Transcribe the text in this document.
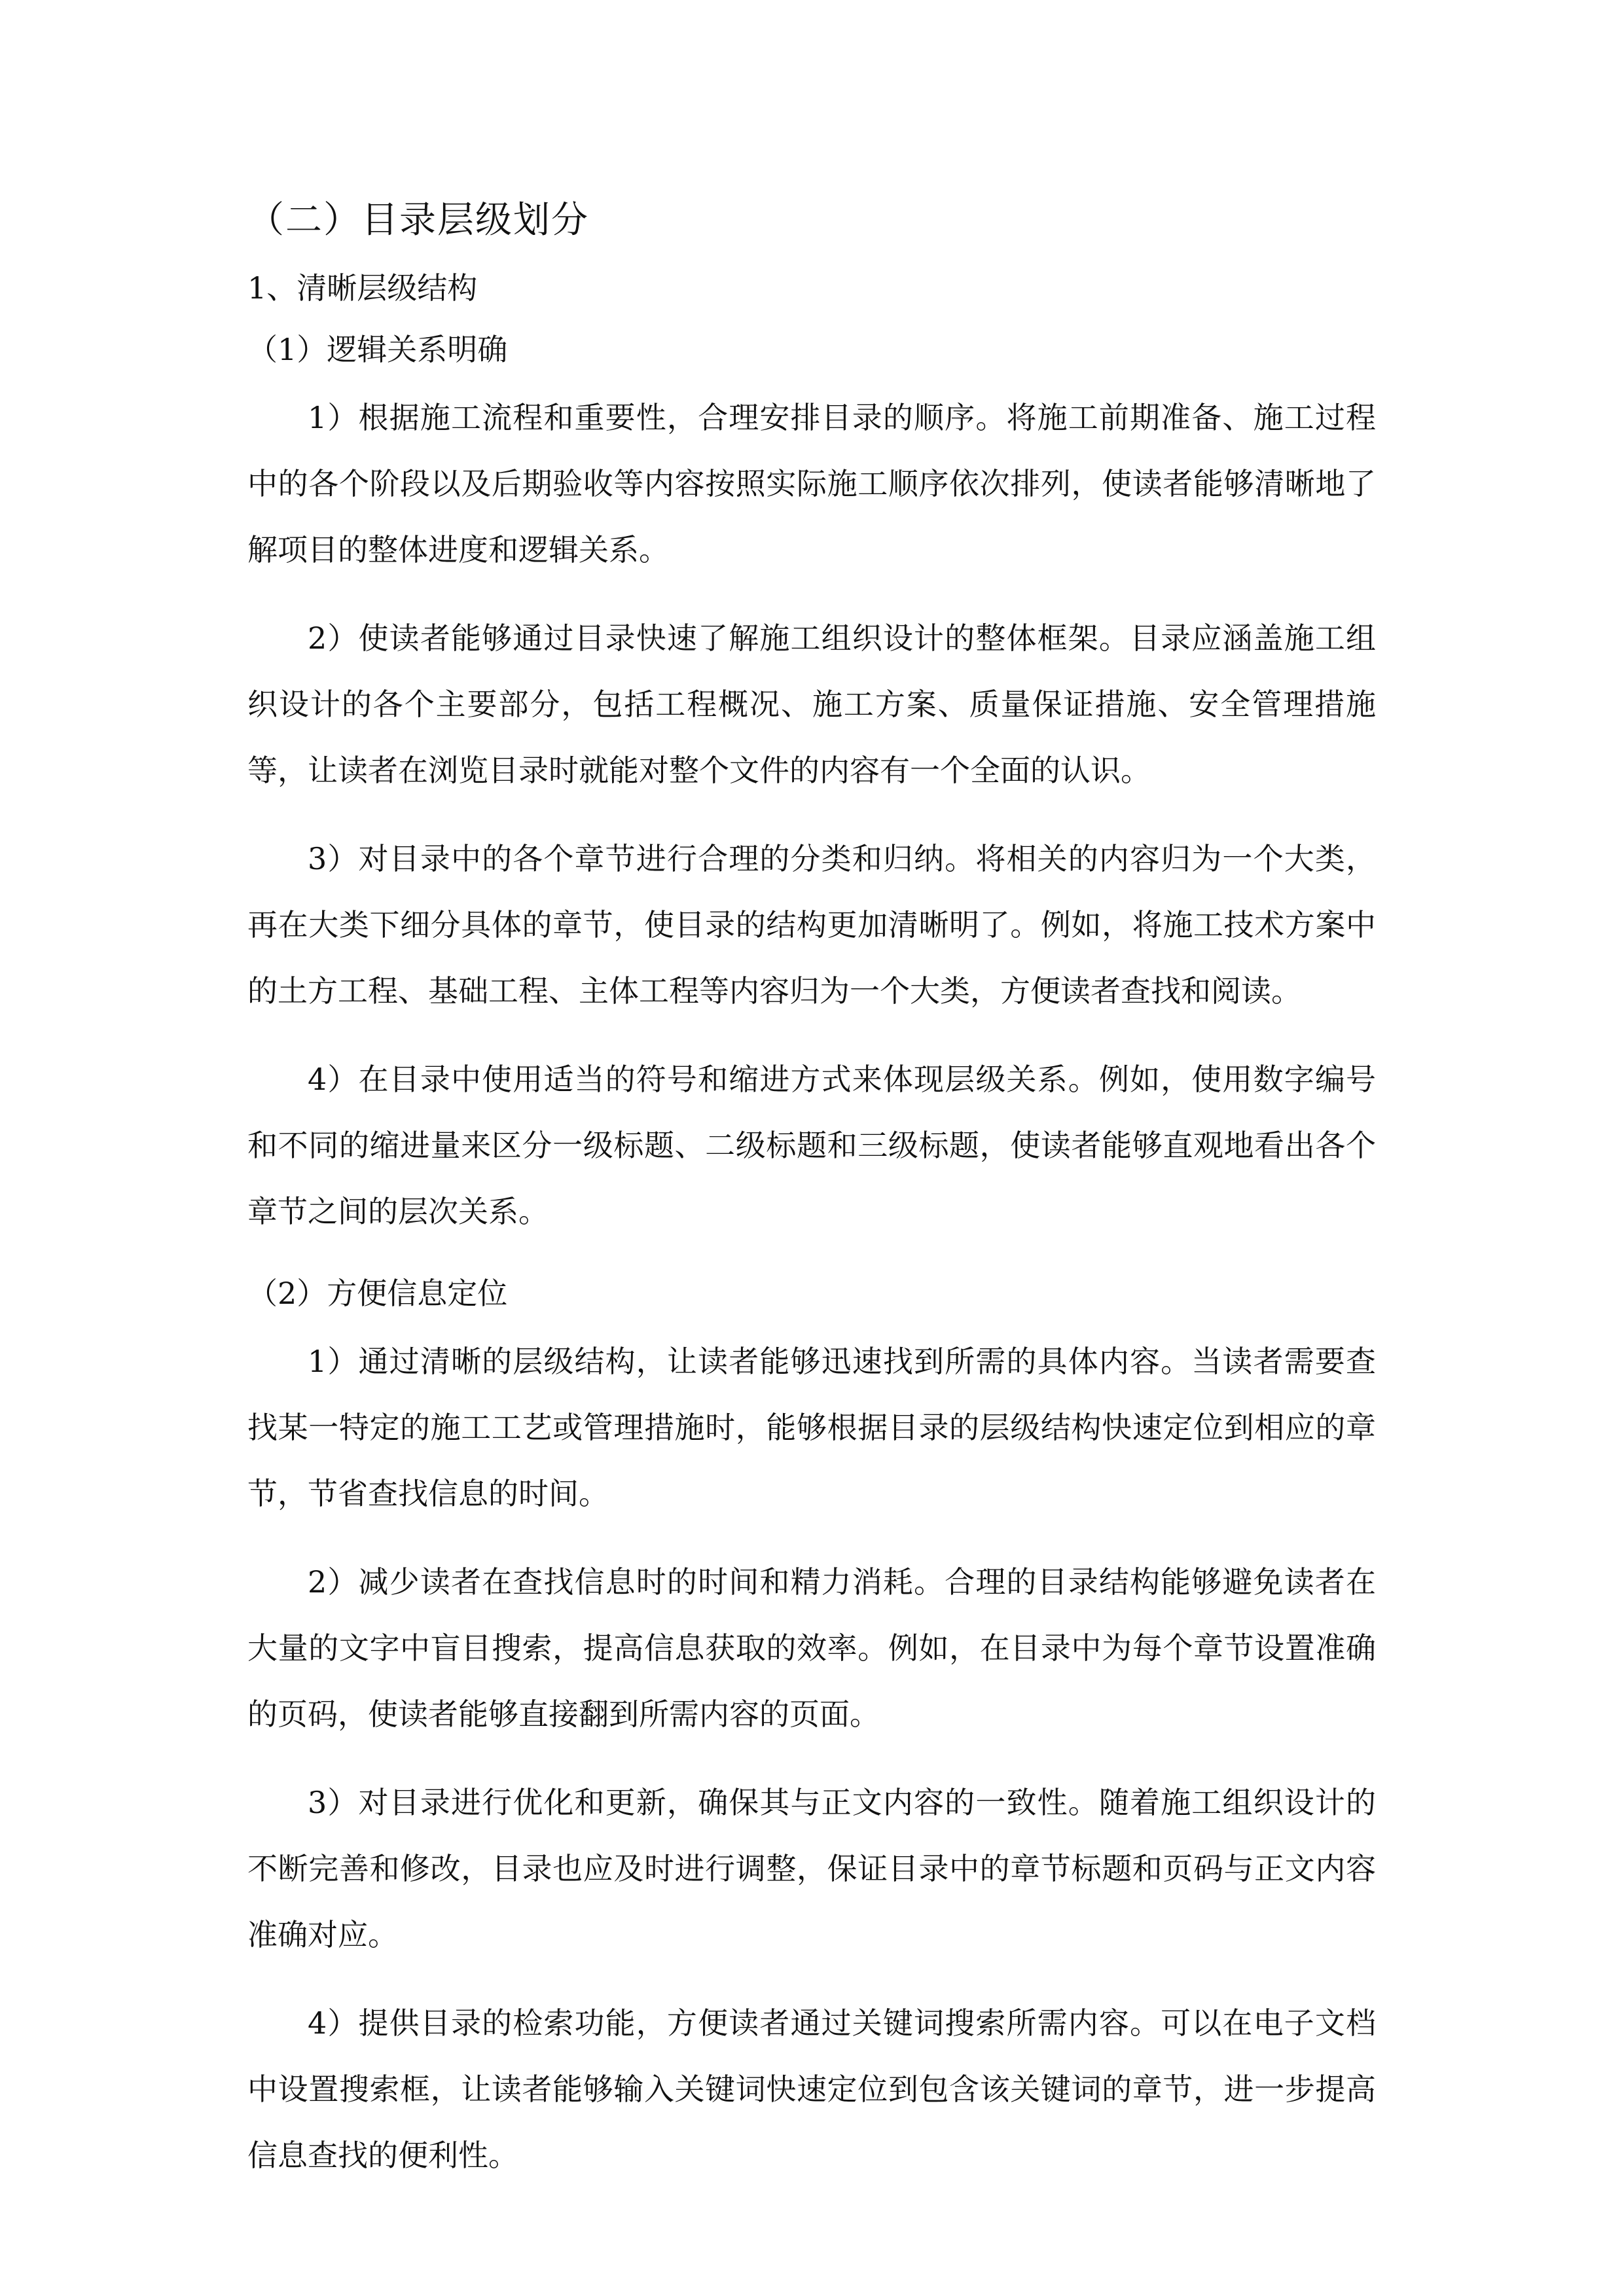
（二）目录层级划分
1、清晰层级结构
（1）逻辑关系明确

1）根据施工流程和重要性，合理安排目录的顺序。将施工前期准备、施工过程中的各个阶段以及后期验收等内容按照实际施工顺序依次排列，使读者能够清晰地了解项目的整体进度和逻辑关系。

2）使读者能够通过目录快速了解施工组织设计的整体框架。目录应涵盖施工组织设计的各个主要部分，包括工程概况、施工方案、质量保证措施、安全管理措施等，让读者在浏览目录时就能对整个文件的内容有一个全面的认识。

3）对目录中的各个章节进行合理的分类和归纳。将相关的内容归为一个大类，再在大类下细分具体的章节，使目录的结构更加清晰明了。例如，将施工技术方案中的土方工程、基础工程、主体工程等内容归为一个大类，方便读者查找和阅读。

4）在目录中使用适当的符号和缩进方式来体现层级关系。例如，使用数字编号和不同的缩进量来区分一级标题、二级标题和三级标题，使读者能够直观地看出各个章节之间的层次关系。

（2）方便信息定位

1）通过清晰的层级结构，让读者能够迅速找到所需的具体内容。当读者需要查找某一特定的施工工艺或管理措施时，能够根据目录的层级结构快速定位到相应的章节，节省查找信息的时间。

2）减少读者在查找信息时的时间和精力消耗。合理的目录结构能够避免读者在大量的文字中盲目搜索，提高信息获取的效率。例如，在目录中为每个章节设置准确的页码，使读者能够直接翻到所需内容的页面。

3）对目录进行优化和更新，确保其与正文内容的一致性。随着施工组织设计的不断完善和修改，目录也应及时进行调整，保证目录中的章节标题和页码与正文内容准确对应。

4）提供目录的检索功能，方便读者通过关键词搜索所需内容。可以在电子文档中设置搜索框，让读者能够输入关键词快速定位到包含该关键词的章节，进一步提高信息查找的便利性。
